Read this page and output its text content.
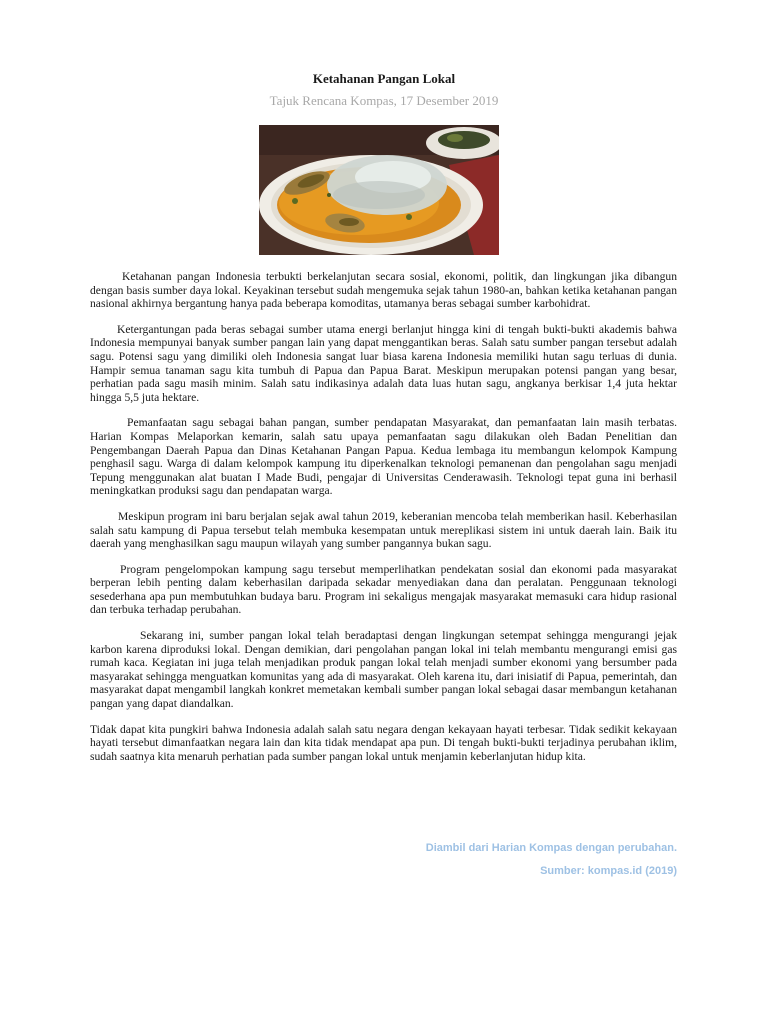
Ketahanan Pangan Lokal
Tajuk Rencana Kompas, 17 Desember 2019

Ketahanan pangan Indonesia terbukti berkelanjutan secara sosial, ekonomi, politik, dan lingkungan jika dibangun dengan basis sumber daya lokal. Keyakinan tersebut sudah mengemuka sejak tahun 1980-an, bahkan ketika ketahanan pangan nasional akhirnya bergantung hanya pada beberapa komoditas, utamanya beras sebagai sumber karbohidrat.

Ketergantungan pada beras sebagai sumber utama energi berlanjut hingga kini di tengah bukti-bukti akademis bahwa Indonesia mempunyai banyak sumber pangan lain yang dapat menggantikan beras. Salah satu sumber pangan tersebut adalah sagu. Potensi sagu yang dimiliki oleh Indonesia sangat luar biasa karena Indonesia memiliki hutan sagu terluas di dunia. Hampir semua tanaman sagu kita tumbuh di Papua dan Papua Barat. Meskipun merupakan potensi pangan yang besar, perhatian pada sagu masih minim. Salah satu indikasinya adalah data luas hutan sagu, angkanya berkisar 1,4 juta hektar hingga 5,5 juta hektare.

Pemanfaatan sagu sebagai bahan pangan, sumber pendapatan Masyarakat, dan pemanfaatan lain masih terbatas. Harian Kompas Melaporkan kemarin, salah satu upaya pemanfaatan sagu dilakukan oleh Badan Penelitian dan Pengembangan Daerah Papua dan Dinas Ketahanan Pangan Papua. Kedua lembaga itu membangun kelompok Kampung penghasil sagu. Warga di dalam kelompok kampung itu diperkenalkan teknologi pemanenan dan pengolahan sagu menjadi Tepung menggunakan alat buatan I Made Budi, pengajar di Universitas Cenderawasih. Teknologi tepat guna ini berhasil meningkatkan produksi sagu dan pendapatan warga.

Meskipun program ini baru berjalan sejak awal tahun 2019, keberanian mencoba telah memberikan hasil. Keberhasilan salah satu kampung di Papua tersebut telah membuka kesempatan untuk mereplikasi sistem ini untuk daerah lain. Baik itu daerah yang menghasilkan sagu maupun wilayah yang sumber pangannya bukan sagu.

Program pengelompokan kampung sagu tersebut memperlihatkan pendekatan sosial dan ekonomi pada masyarakat berperan lebih penting dalam keberhasilan daripada sekadar menyediakan dana dan peralatan. Penggunaan teknologi sesederhana apa pun membutuhkan budaya baru. Program ini sekaligus mengajak masyarakat memasuki cara hidup rasional dan terbuka terhadap perubahan.

Sekarang ini, sumber pangan lokal telah beradaptasi dengan lingkungan setempat sehingga mengurangi jejak karbon karena diproduksi lokal. Dengan demikian, dari pengolahan pangan lokal ini telah membantu mengurangi emisi gas rumah kaca. Kegiatan ini juga telah menjadikan produk pangan lokal telah menjadi sumber ekonomi yang bersumber pada masyarakat sehingga menguatkan komunitas yang ada di masyarakat. Oleh karena itu, dari inisiatif di Papua, pemerintah, dan masyarakat dapat mengambil langkah konkret memetakan kembali sumber pangan lokal sebagai dasar membangun ketahanan pangan yang dapat diandalkan.

Tidak dapat kita pungkiri bahwa Indonesia adalah salah satu negara dengan kekayaan hayati terbesar. Tidak sedikit kekayaan hayati tersebut dimanfaatkan negara lain dan kita tidak mendapat apa pun. Di tengah bukti-bukti terjadinya perubahan iklim, sudah saatnya kita menaruh perhatian pada sumber pangan lokal untuk menjamin keberlanjutan hidup kita.

Diambil dari Harian Kompas dengan perubahan.
Sumber: kompas.id (2019)
